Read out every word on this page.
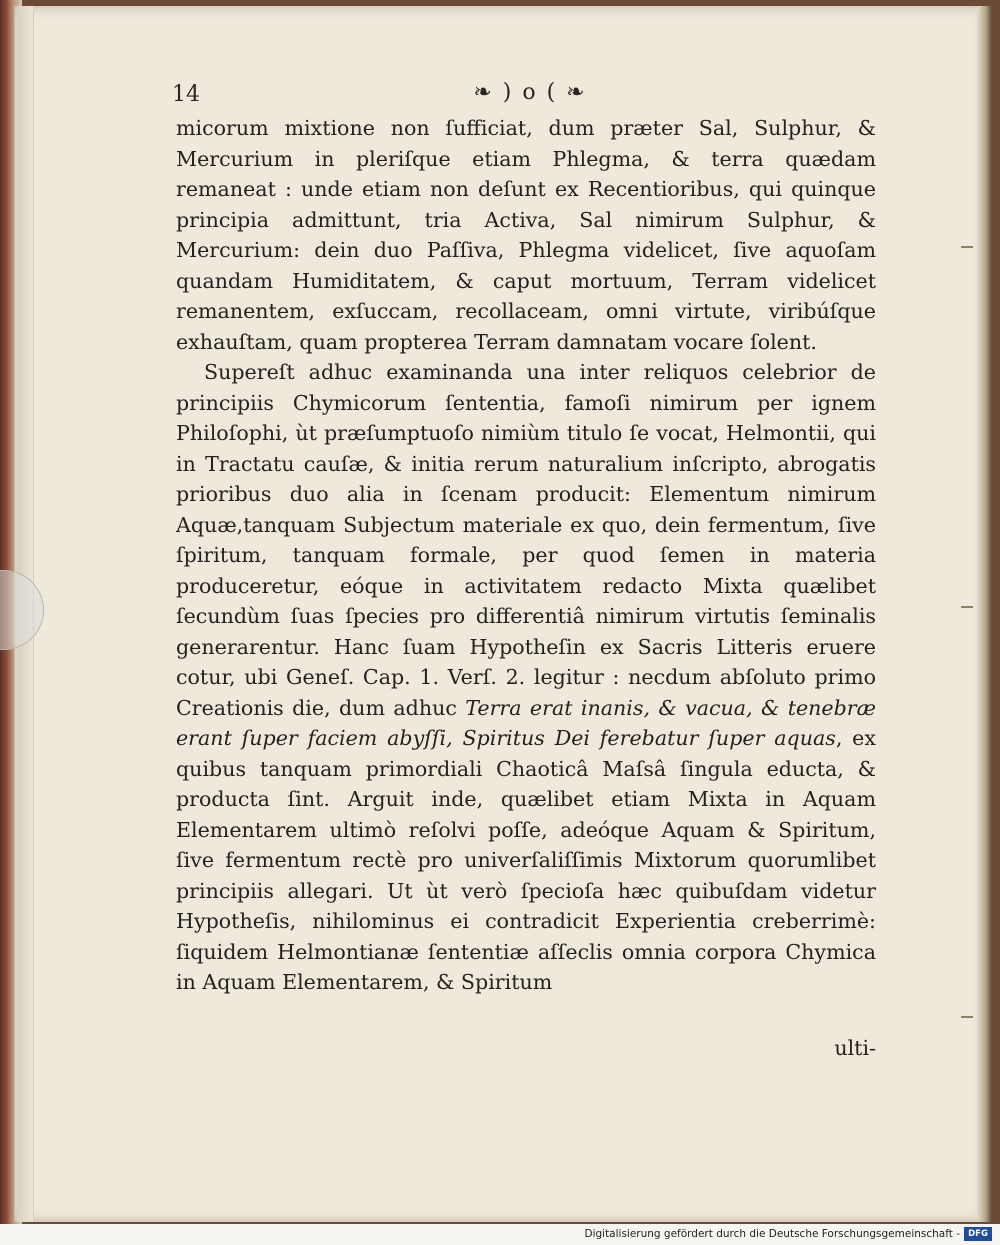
14	❧ ) o ( ❧

micorum mixtione non ſufficiat, dum præter Sal, Sulphur, & Mercurium in pleriſque etiam Phlegma, & terra quædam remaneat : unde etiam non deſunt ex Recentioribus, qui quinque principia admittunt, tria Activa, Sal nimirum Sulphur, & Mercurium: dein duo Paſſiva, Phlegma videlicet, ſive aquoſam quandam Humiditatem, & caput mortuum, Terram videlicet remanentem, exſuccam, recollaceam, omni virtute, viribúſque exhauſtam, quam propterea Terram damnatam vocare ſolent.

Supereſt adhuc examinanda una inter reliquos celebrior de principiis Chymicorum ſententia, famoſi nimirum per ignem Philoſophi, ùt præſumptuoſo nimiùm titulo ſe vocat, Helmontii, qui in Tractatu cauſæ, & initia rerum naturalium inſcripto, abrogatis prioribus duo alia in ſcenam producit: Elementum nimirum Aquæ,tanquam Subjectum materiale ex quo, dein fermentum, ſive ſpiritum, tanquam formale, per quod ſemen in materia produceretur, eóque in activitatem redacto Mixta quælibet ſecundùm ſuas ſpecies pro differentiâ nimirum virtutis ſeminalis generarentur. Hanc ſuam Hypotheſin ex Sacris Litteris eruere cotur, ubi Geneſ. Cap. 1. Verſ. 2. legitur : necdum abſoluto primo Creationis die, dum adhuc Terra erat inanis, & vacua, & tenebræ erant ſuper faciem abyſſi, Spiritus Dei ferebatur ſuper aquas, ex quibus tanquam primordiali Chaoticâ Maſsâ ſingula educta, & producta ſint. Arguit inde, quælibet etiam Mixta in Aquam Elementarem ultimò reſolvi poſſe, adeóque Aquam & Spiritum, ſive fermentum rectè pro univerſaliſſimis Mixtorum quorumlibet principiis allegari. Ut ùt verò ſpecioſa hæc quibuſdam videtur Hypotheſis, nihilominus ei contradicit Experientia creberrimè: ſiquidem Helmontianæ ſententiæ aſſeclis omnia corpora Chymica in Aquam Elementarem, & Spiritum

ulti-
Digitalisierung gefördert durch die Deutsche Forschungsgemeinschaft - DFG
